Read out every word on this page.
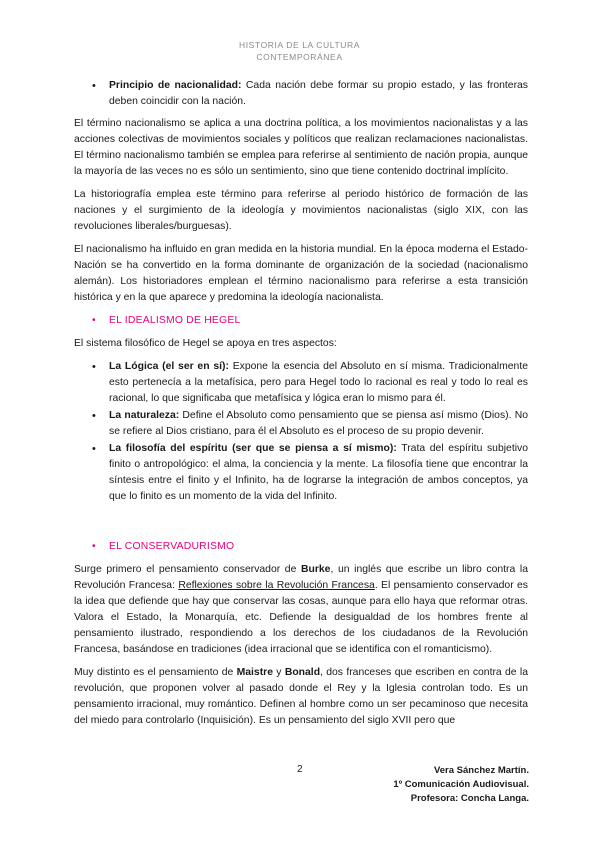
HISTORIA DE LA CULTURA
CONTEMPORÁNEA
• Principio de nacionalidad: Cada nación debe formar su propio estado, y las fronteras deben coincidir con la nación.

El término nacionalismo se aplica a una doctrina política, a los movimientos nacionalistas y a las acciones colectivas de movimientos sociales y políticos que realizan reclamaciones nacionalistas. El término nacionalismo también se emplea para referirse al sentimiento de nación propia, aunque la mayoría de las veces no es sólo un sentimiento, sino que tiene contenido doctrinal implícito.

La historiografía emplea este término para referirse al periodo histórico de formación de las naciones y el surgimiento de la ideología y movimientos nacionalistas (siglo XIX, con las revoluciones liberales/burguesas).

El nacionalismo ha influido en gran medida en la historia mundial. En la época moderna el Estado-Nación se ha convertido en la forma dominante de organización de la sociedad (nacionalismo alemán). Los historiadores emplean el término nacionalismo para referirse a esta transición histórica y en la que aparece y predomina la ideología nacionalista.

• EL IDEALISMO DE HEGEL

El sistema filosófico de Hegel se apoya en tres aspectos:

• La Lógica (el ser en sí): Expone la esencia del Absoluto en sí misma. Tradicionalmente esto pertenecía a la metafísica, pero para Hegel todo lo racional es real y todo lo real es racional, lo que significaba que metafísica y lógica eran lo mismo para él.
• La naturaleza: Define el Absoluto como pensamiento que se piensa así mismo (Dios). No se refiere al Dios cristiano, para él el Absoluto es el proceso de su propio devenir.
• La filosofía del espíritu (ser que se piensa a sí mismo): Trata del espíritu subjetivo finito o antropológico: el alma, la conciencia y la mente. La filosofía tiene que encontrar la síntesis entre el finito y el Infinito, ha de lograrse la integración de ambos conceptos, ya que lo finito es un momento de la vida del Infinito.
• EL CONSERVADURISMO

Surge primero el pensamiento conservador de Burke, un inglés que escribe un libro contra la Revolución Francesa: Reflexiones sobre la Revolución Francesa. El pensamiento conservador es la idea que defiende que hay que conservar las cosas, aunque para ello haya que reformar otras. Valora el Estado, la Monarquía, etc. Defiende la desigualdad de los hombres frente al pensamiento ilustrado, respondiendo a los derechos de los ciudadanos de la Revolución Francesa, basándose en tradiciones (idea irracional que se identifica con el romanticismo).

Muy distinto es el pensamiento de Maistre y Bonald, dos franceses que escriben en contra de la revolución, que proponen volver al pasado donde el Rey y la Iglesia controlan todo. Es un pensamiento irracional, muy romántico. Definen al hombre como un ser pecaminoso que necesita del miedo para controlarlo (Inquisición). Es un pensamiento del siglo XVII pero que

2	Vera Sánchez Martín.
1º Comunicación Audiovisual.
Profesora: Concha Langa.
